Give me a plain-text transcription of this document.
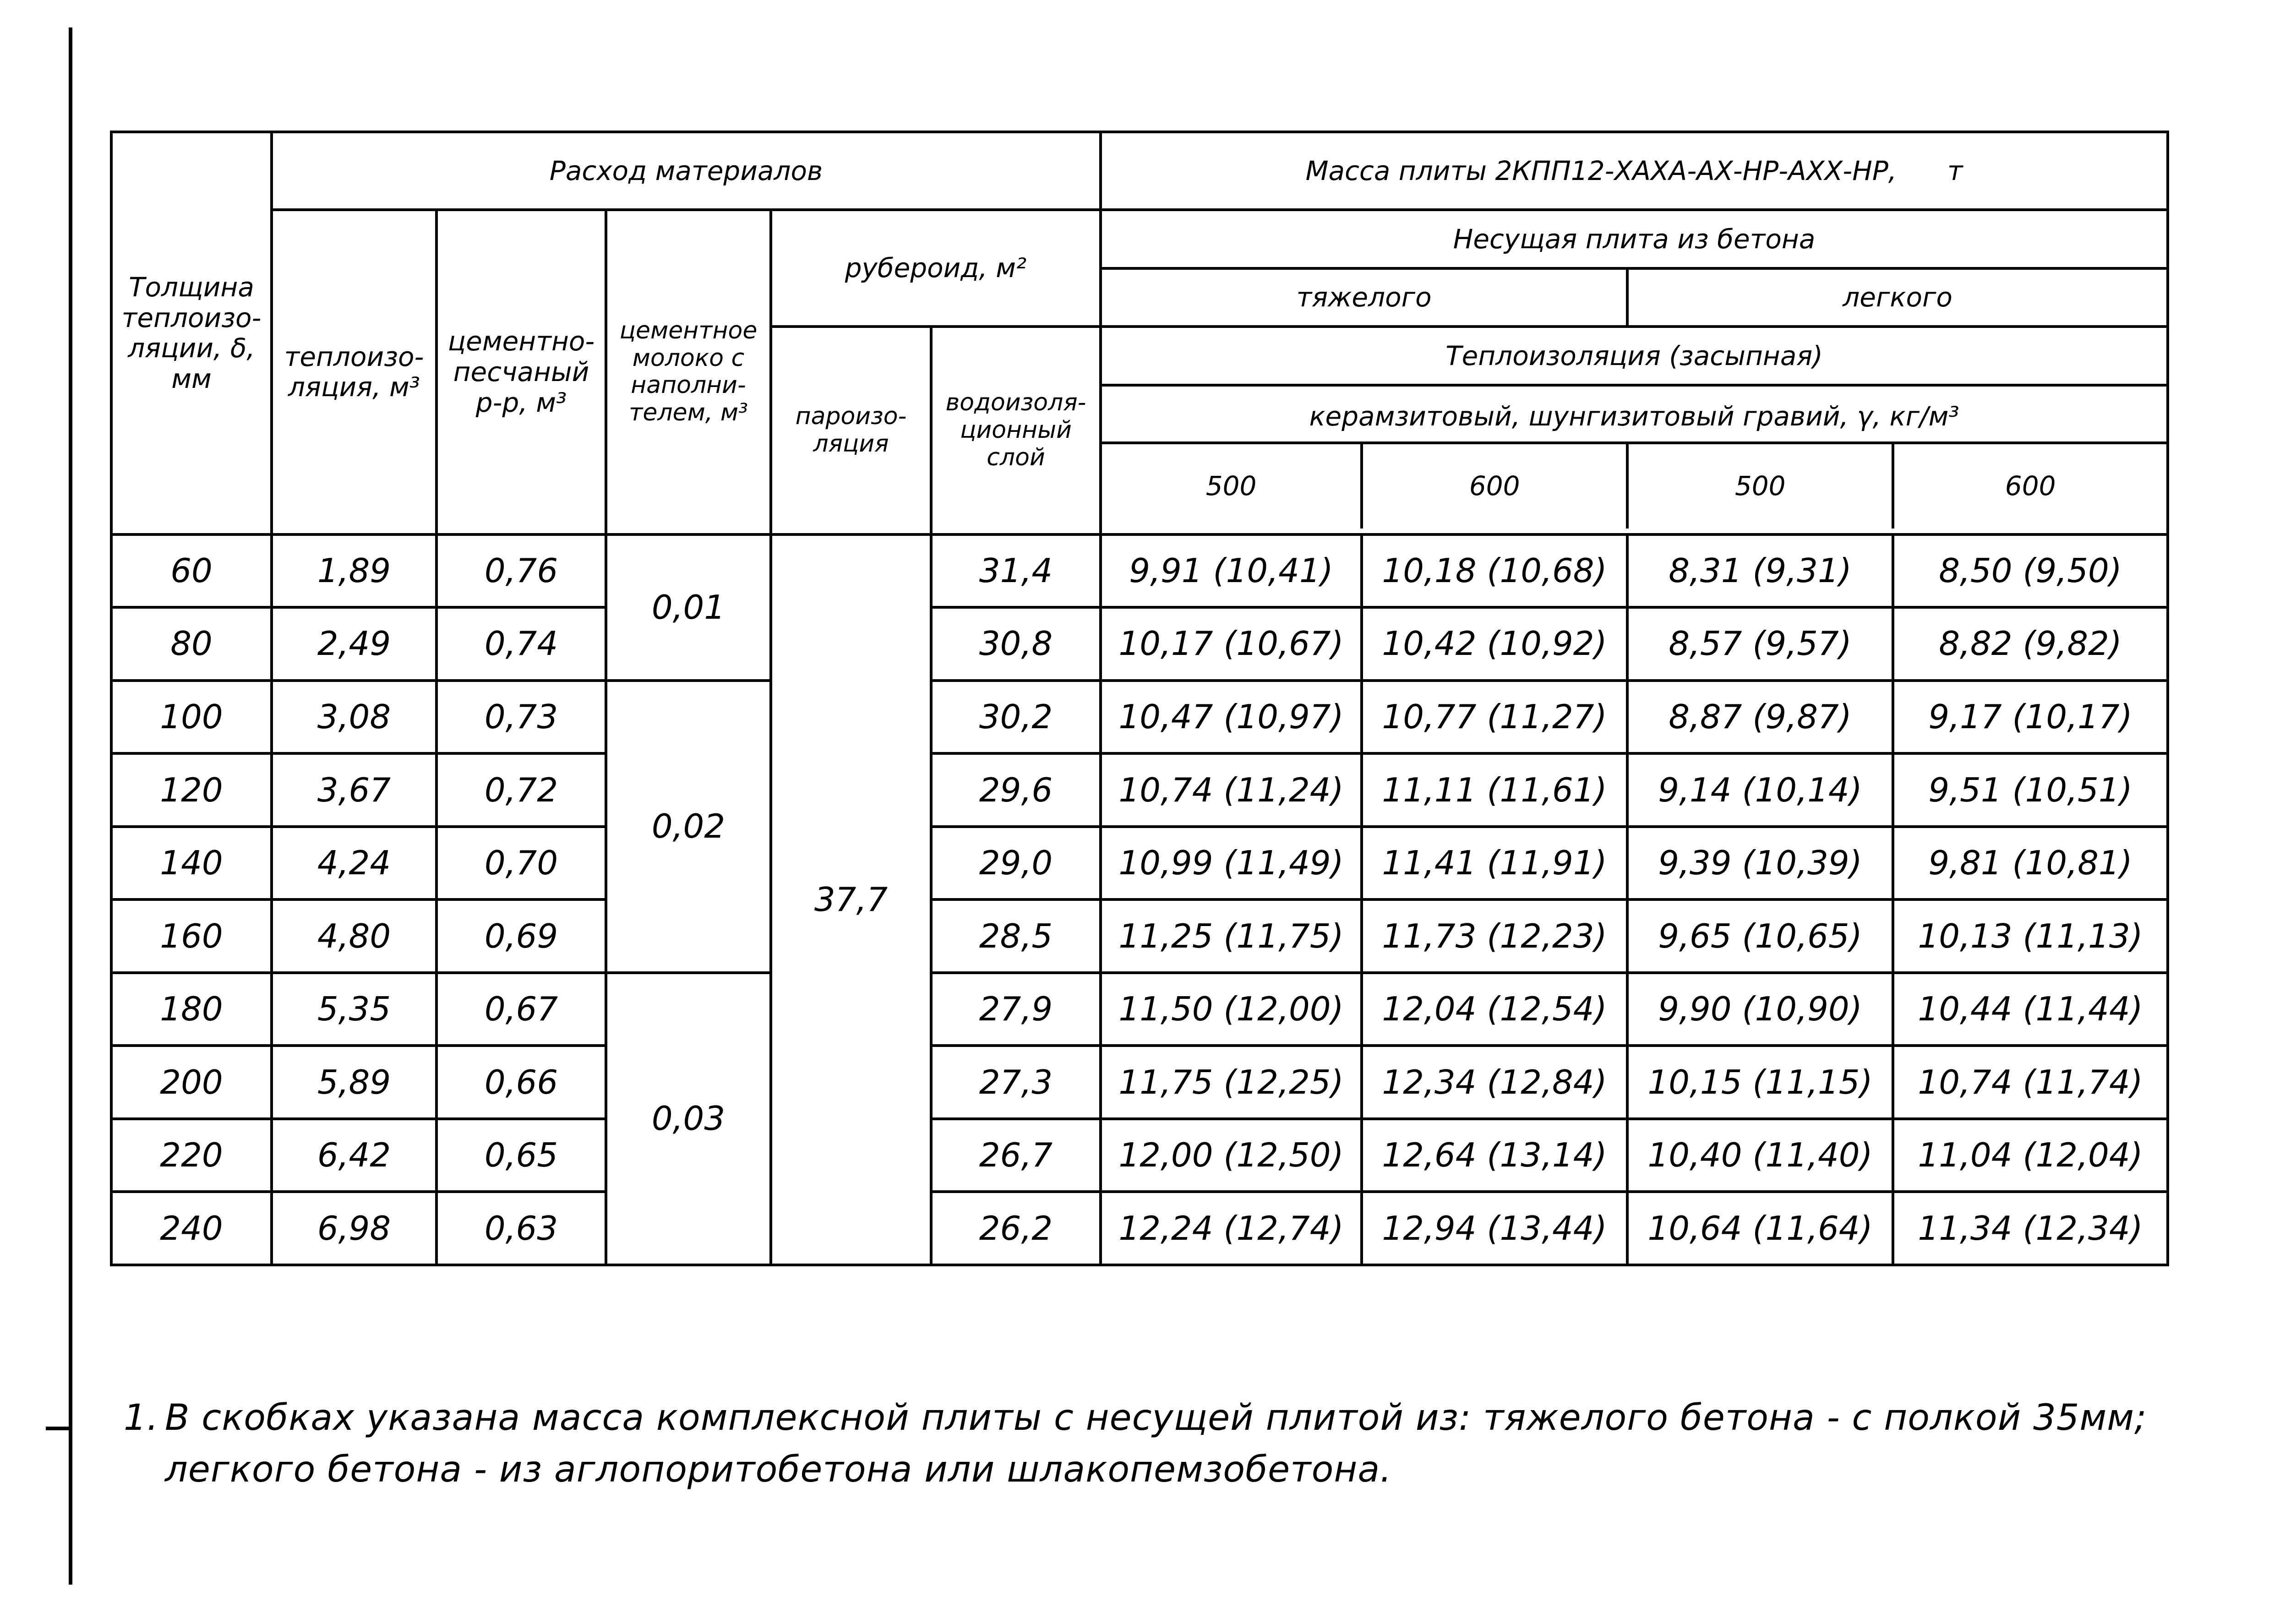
Толщина теплоизо-ляции, δ, мм	Расход материалов					Масса плиты 2КПП12-ХАХА-АХ-НР-АХХ-НР, т			
	теплоизо-ляция, м³	цементно-песчаный р-р, м³	цементное молоко с наполни-телем, м³	рубероид, м²		Несущая плита из бетона			
						тяжелого		легкого	
				пароизо-ляция	водоизоля-ционный слой	Теплоизоляция (засыпная)			

						керамзитовый, шунгизитовый гравий, γ, кг/м³
500 600 500 600			

60	1,89	0,76	0,01	37,7	31,4	9,91 (10,41)	10,18 (10,68)	8,31 (9,31)	8,50 (9,50)
80	2,49	0,74			30,8	10,17 (10,67)	10,42 (10,92)	8,57 (9,57)	8,82 (9,82)
100	3,08	0,73	0,02		30,2	10,47 (10,97)	10,77 (11,27)	8,87 (9,87)	9,17 (10,17)
120	3,67	0,72			29,6	10,74 (11,24)	11,11 (11,61)	9,14 (10,14)	9,51 (10,51)
140	4,24	0,70			29,0	10,99 (11,49)	11,41 (11,91)	9,39 (10,39)	9,81 (10,81)
160	4,80	0,69			28,5	11,25 (11,75)	11,73 (12,23)	9,65 (10,65)	10,13 (11,13)
180	5,35	0,67	0,03		27,9	11,50 (12,00)	12,04 (12,54)	9,90 (10,90)	10,44 (11,44)
200	5,89	0,66			27,3	11,75 (12,25)	12,34 (12,84)	10,15 (11,15)	10,74 (11,74)
220	6,42	0,65			26,7	12,00 (12,50)	12,64 (13,14)	10,40 (11,40)	11,04 (12,04)
240	6,98	0,63			26,2	12,24 (12,74)	12,94 (13,44)	10,64 (11,64)	11,34 (12,34)
1. В скобках указана масса комплексной плиты с несущей плитой из: тяжелого бетона - с полкой 35мм;
легкого бетона - из аглопоритобетона или шлакопемзобетона.
